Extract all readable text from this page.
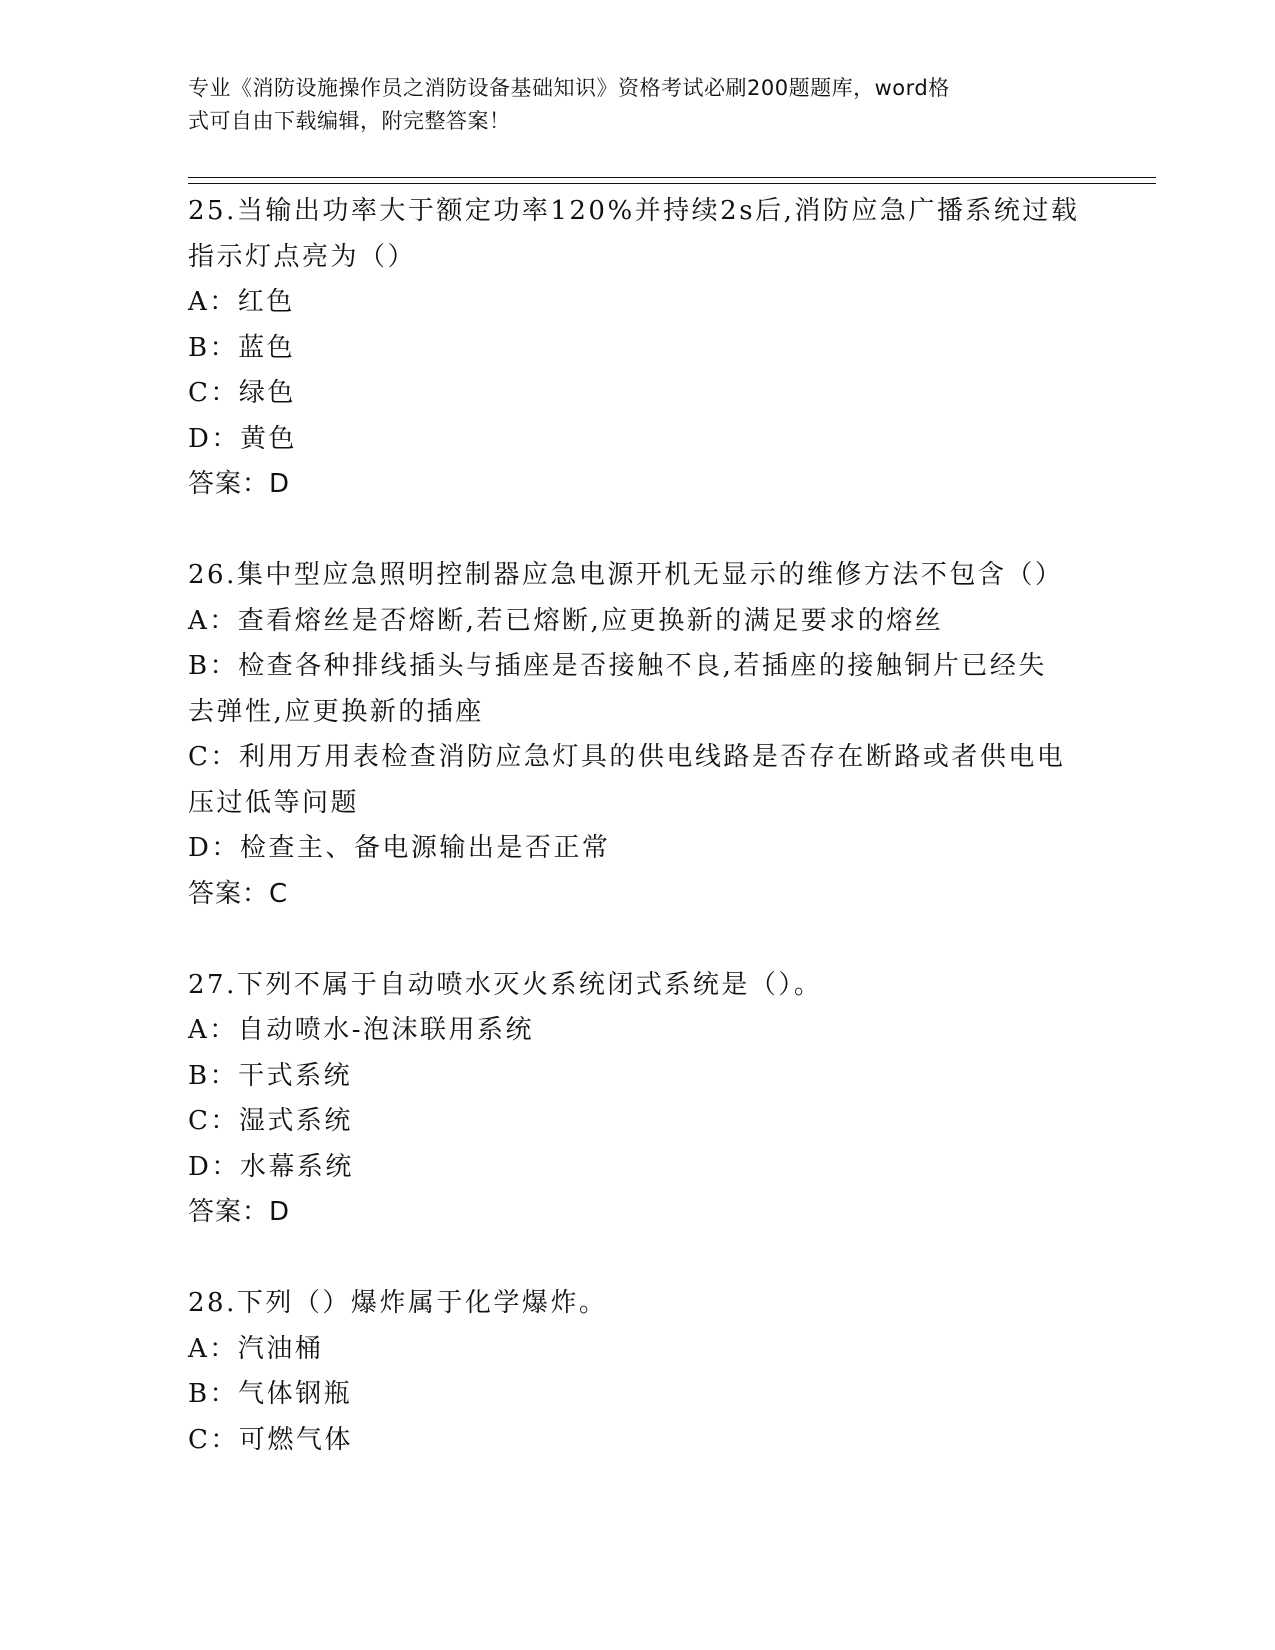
专业《消防设施操作员之消防设备基础知识》资格考试必刷200题题库，word格
式可自由下载编辑，附完整答案！
25.当输出功率大于额定功率120%并持续2s后,消防应急广播系统过载
指示灯点亮为（）
A：红色
B：蓝色
C：绿色
D：黄色
答案：D
26.集中型应急照明控制器应急电源开机无显示的维修方法不包含（）
A：查看熔丝是否熔断,若已熔断,应更换新的满足要求的熔丝
B：检查各种排线插头与插座是否接触不良,若插座的接触铜片已经失
去弹性,应更换新的插座
C：利用万用表检查消防应急灯具的供电线路是否存在断路或者供电电
压过低等问题
D：检查主、备电源输出是否正常
答案：C
27.下列不属于自动喷水灭火系统闭式系统是（）。
A：自动喷水-泡沫联用系统
B：干式系统
C：湿式系统
D：水幕系统
答案：D
28.下列（）爆炸属于化学爆炸。
A：汽油桶
B：气体钢瓶
C：可燃气体
